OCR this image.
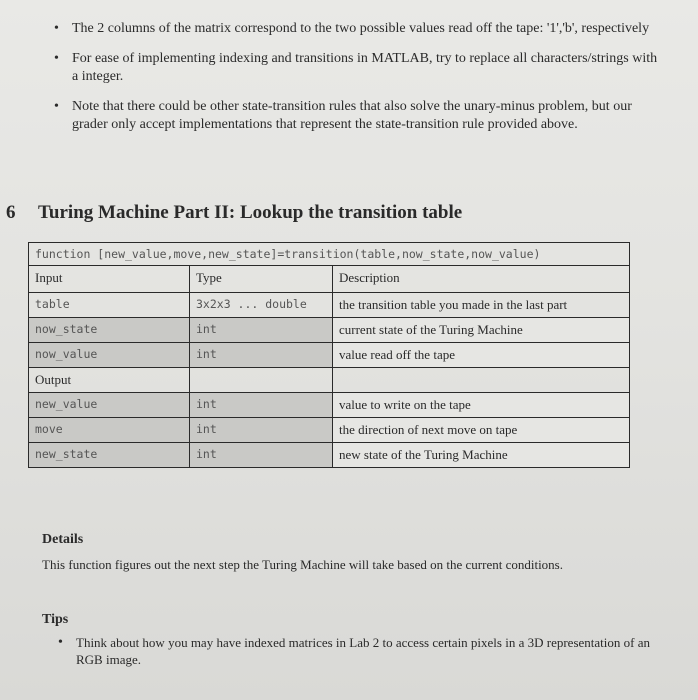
• The 2 columns of the matrix correspond to the two possible values read off the tape: '1','b', respectively
• For ease of implementing indexing and transitions in MATLAB, try to replace all characters/strings with a integer.
• Note that there could be other state-transition rules that also solve the unary-minus problem, but our grader only accept implementations that represent the state-transition rule provided above.
6 Turing Machine Part II: Lookup the transition table
function [new_value,move,new_state]=transition(table,now_state,now_value)		
Input	Type	Description
table	3x2x3 ... double	the transition table you made in the last part
now_state	int	current state of the Turing Machine
now_value	int	value read off the tape
Output		
new_value	int	value to write on the tape
move	int	the direction of next move on tape
new_state	int	new state of the Turing Machine
Details

This function figures out the next step the Turing Machine will take based on the current conditions.

Tips
• Think about how you may have indexed matrices in Lab 2 to access certain pixels in a 3D representation of an RGB image.
